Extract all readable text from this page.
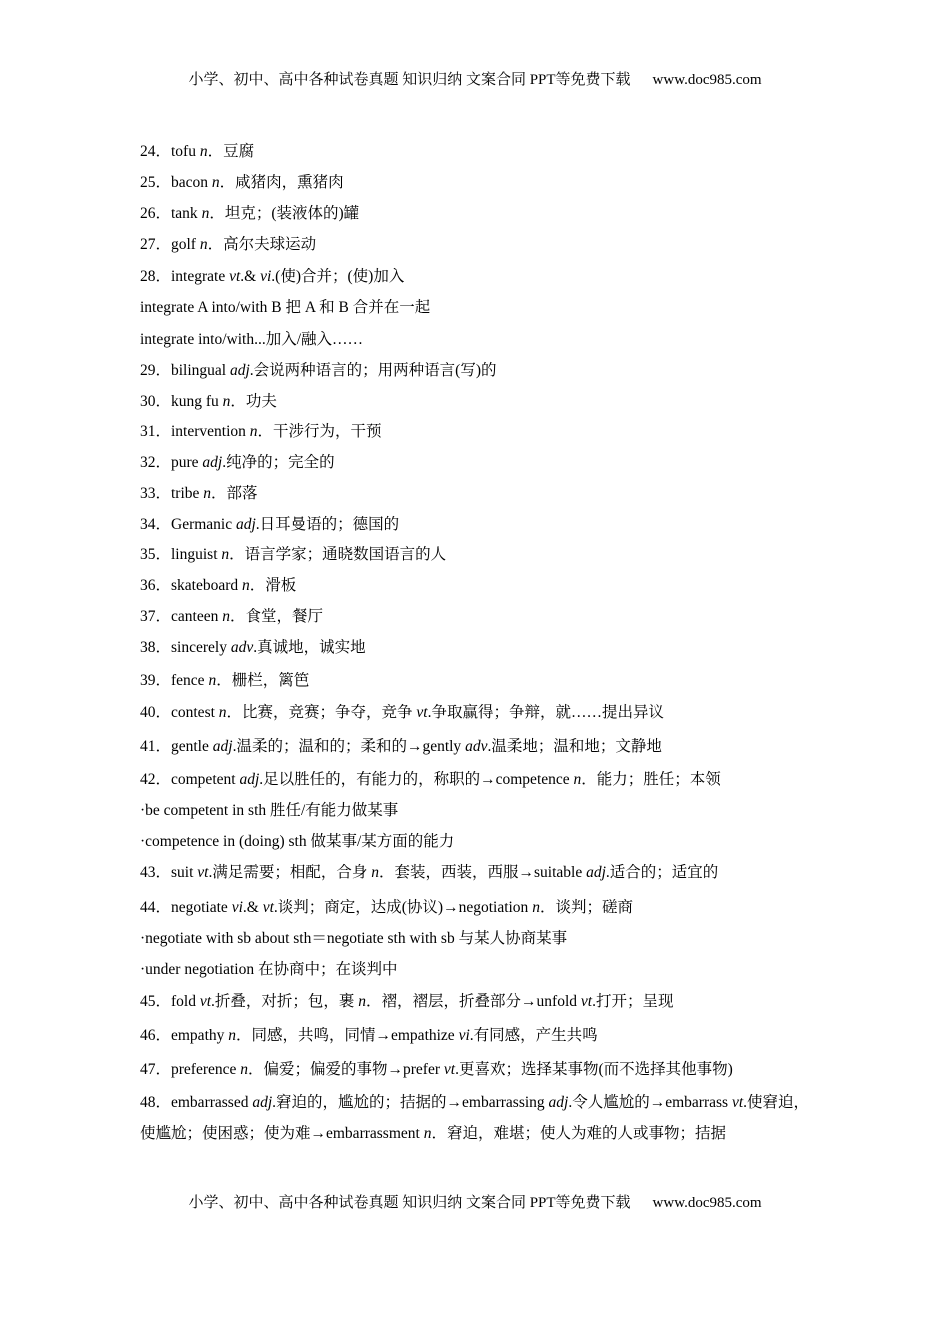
小学、初中、高中各种试卷真题 知识归纳 文案合同 PPT等免费下载 www.doc985.com
24．tofu n．豆腐
25．bacon n．咸猪肉，熏猪肉
26．tank n．坦克；(装液体的)罐
27．golf n．高尔夫球运动
28．integrate vt.& vi.(使)合并；(使)加入
integrate A into/with B 把 A 和 B 合并在一起
integrate into/with...加入/融入……
29．bilingual adj.会说两种语言的；用两种语言(写)的
30．kung fu n．功夫
31．intervention n．干涉行为，干预
32．pure adj.纯净的；完全的
33．tribe n．部落
34．Germanic adj.日耳曼语的；德国的
35．linguist n．语言学家；通晓数国语言的人
36．skateboard n．滑板
37．canteen n．食堂，餐厅
38．sincerely adv.真诚地，诚实地
39．fence n．栅栏，篱笆
40．contest n．比赛，竞赛；争夺，竞争 vt.争取赢得；争辩，就……提出异议
41．gentle adj.温柔的；温和的；柔和的→gently adv.温柔地；温和地；文静地
42．competent adj.足以胜任的，有能力的，称职的→competence n．能力；胜任；本领
·be competent in sth 胜任/有能力做某事
·competence in (doing) sth 做某事/某方面的能力
43．suit vt.满足需要；相配，合身 n．套装，西装，西服→suitable adj.适合的；适宜的
44．negotiate vi.& vt.谈判；商定，达成(协议)→negotiation n．谈判；磋商
·negotiate with sb about sth＝negotiate sth with sb 与某人协商某事
·under negotiation 在协商中；在谈判中
45．fold vt.折叠，对折；包，裹 n．褶，褶层，折叠部分→unfold vt.打开；呈现
46．empathy n．同感，共鸣，同情→empathize vi.有同感，产生共鸣
47．preference n．偏爱；偏爱的事物→prefer vt.更喜欢；选择某事物(而不选择其他事物)
48．embarrassed adj.窘迫的，尴尬的；拮据的→embarrassing adj.令人尴尬的→embarrass vt.使窘迫，使尴尬；使困惑；使为难→embarrassment n．窘迫，难堪；使人为难的人或事物；拮据
小学、初中、高中各种试卷真题 知识归纳 文案合同 PPT等免费下载 www.doc985.com
